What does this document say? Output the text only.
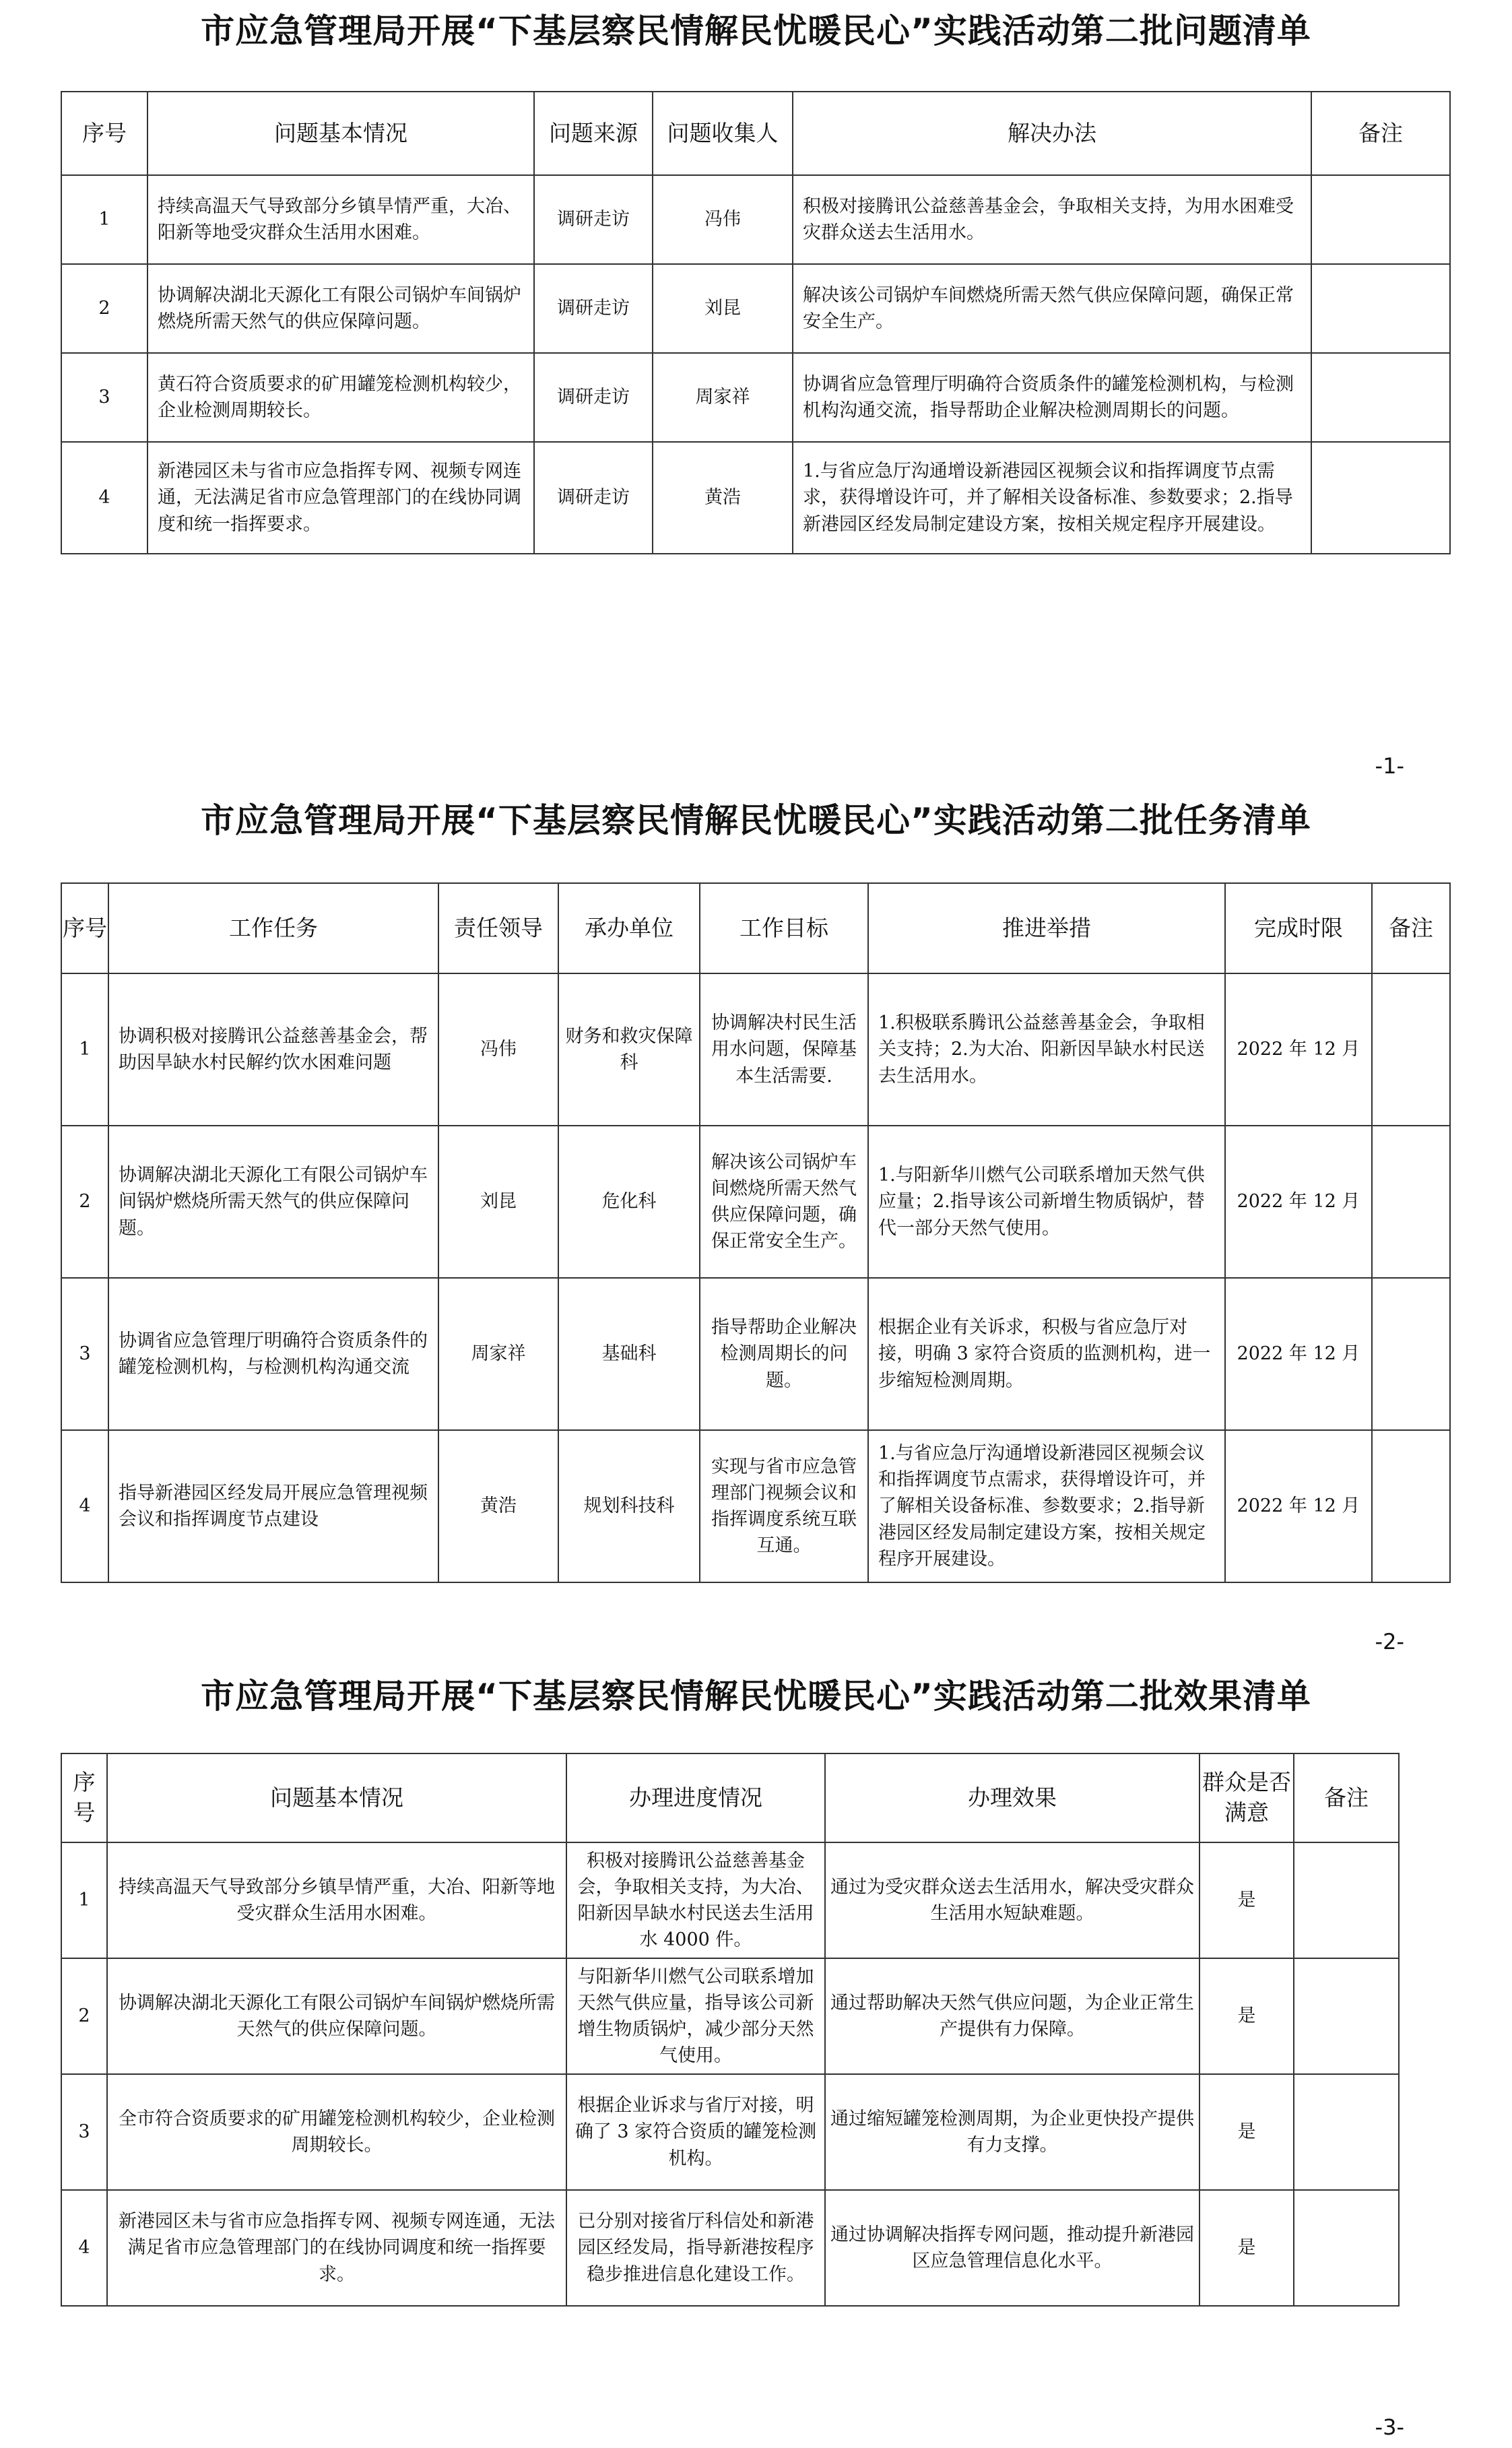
市应急管理局开展“下基层察民情解民忧暖民心”实践活动第二批问题清单
序号	问题基本情况	问题来源	问题收集人	解决办法	备注
1	持续高温天气导致部分乡镇旱情严重，大冶、阳新等地受灾群众生活用水困难。	调研走访	冯伟	积极对接腾讯公益慈善基金会，争取相关支持，为用水困难受灾群众送去生活用水。	
2	协调解决湖北天源化工有限公司锅炉车间锅炉燃烧所需天然气的供应保障问题。	调研走访	刘昆	解决该公司锅炉车间燃烧所需天然气供应保障问题，确保正常安全生产。	
3	黄石符合资质要求的矿用罐笼检测机构较少，企业检测周期较长。	调研走访	周家祥	协调省应急管理厅明确符合资质条件的罐笼检测机构，与检测机构沟通交流，指导帮助企业解决检测周期长的问题。	
4	新港园区未与省市应急指挥专网、视频专网连通，无法满足省市应急管理部门的在线协同调度和统一指挥要求。	调研走访	黄浩	1.与省应急厅沟通增设新港园区视频会议和指挥调度节点需求，获得增设许可，并了解相关设备标准、参数要求；2.指导新港园区经发局制定建设方案，按相关规定程序开展建设。	
-1-
市应急管理局开展“下基层察民情解民忧暖民心”实践活动第二批任务清单
序号	工作任务	责任领导	承办单位	工作目标	推进举措	完成时限	备注
1	协调积极对接腾讯公益慈善基金会，帮助因旱缺水村民解约饮水困难问题	冯伟	财务和救灾保障科	协调解决村民生活用水问题，保障基本生活需要.	1.积极联系腾讯公益慈善基金会，争取相关支持；2.为大冶、阳新因旱缺水村民送去生活用水。	2022 年 12 月	
2	协调解决湖北天源化工有限公司锅炉车间锅炉燃烧所需天然气的供应保障问题。	刘昆	危化科	解决该公司锅炉车间燃烧所需天然气供应保障问题，确保正常安全生产。	1.与阳新华川燃气公司联系增加天然气供应量；2.指导该公司新增生物质锅炉，替代一部分天然气使用。	2022 年 12 月	
3	协调省应急管理厅明确符合资质条件的罐笼检测机构，与检测机构沟通交流	周家祥	基础科	指导帮助企业解决检测周期长的问题。	根据企业有关诉求，积极与省应急厅对接，明确 3 家符合资质的监测机构，进一步缩短检测周期。	2022 年 12 月	
4	指导新港园区经发局开展应急管理视频会议和指挥调度节点建设	黄浩	规划科技科	实现与省市应急管理部门视频会议和指挥调度系统互联互通。	1.与省应急厅沟通增设新港园区视频会议和指挥调度节点需求，获得增设许可，并了解相关设备标准、参数要求；2.指导新港园区经发局制定建设方案，按相关规定程序开展建设。	2022 年 12 月	
-2-
市应急管理局开展“下基层察民情解民忧暖民心”实践活动第二批效果清单
序号	问题基本情况	办理进度情况	办理效果	群众是否满意	备注
1	持续高温天气导致部分乡镇旱情严重，大冶、阳新等地受灾群众生活用水困难。	积极对接腾讯公益慈善基金会，争取相关支持，为大冶、阳新因旱缺水村民送去生活用水 4000 件。	通过为受灾群众送去生活用水，解决受灾群众生活用水短缺难题。	是	
2	协调解决湖北天源化工有限公司锅炉车间锅炉燃烧所需天然气的供应保障问题。	与阳新华川燃气公司联系增加天然气供应量，指导该公司新增生物质锅炉，减少部分天然气使用。	通过帮助解决天然气供应问题，为企业正常生产提供有力保障。	是	
3	全市符合资质要求的矿用罐笼检测机构较少，企业检测周期较长。	根据企业诉求与省厅对接，明确了 3 家符合资质的罐笼检测机构。	通过缩短罐笼检测周期，为企业更快投产提供有力支撑。	是	
4	新港园区未与省市应急指挥专网、视频专网连通，无法满足省市应急管理部门的在线协同调度和统一指挥要求。	已分别对接省厅科信处和新港园区经发局，指导新港按程序稳步推进信息化建设工作。	通过协调解决指挥专网问题，推动提升新港园区应急管理信息化水平。	是	
-3-
